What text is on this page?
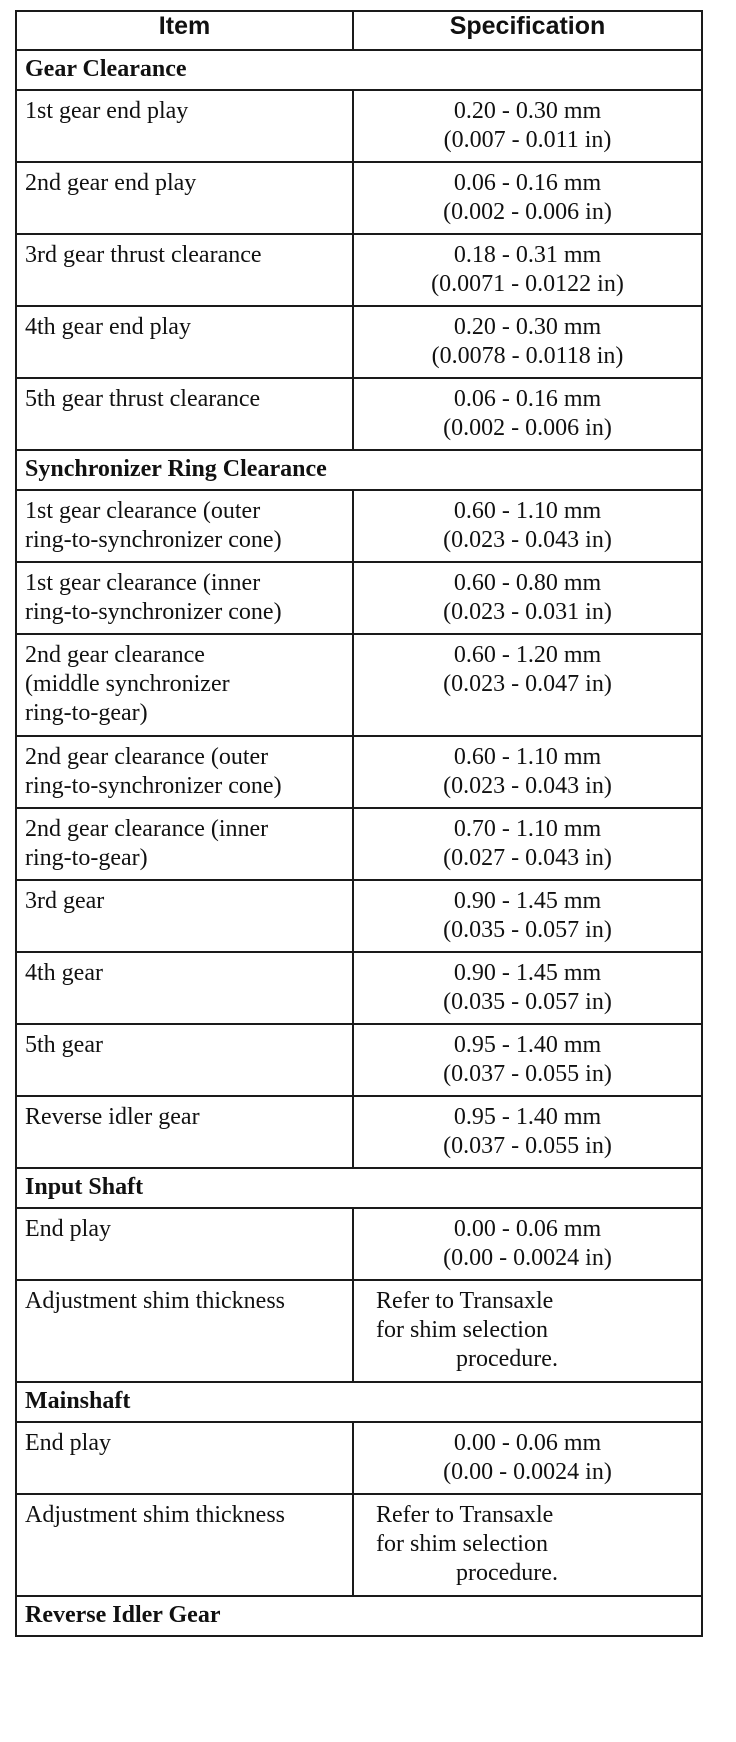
Item	Specification
Gear Clearance	

1st gear end play	0.20 - 0.30 mm
(0.007 - 0.011 in)

2nd gear end play	0.06 - 0.16 mm
(0.002 - 0.006 in)

3rd gear thrust clearance	0.18 - 0.31 mm
(0.0071 - 0.0122 in)

4th gear end play	0.20 - 0.30 mm
(0.0078 - 0.0118 in)

5th gear thrust clearance	0.06 - 0.16 mm
(0.002 - 0.006 in)

Synchronizer Ring Clearance	

1st gear clearance (outer
ring-to-synchronizer cone)	0.60 - 1.10 mm
(0.023 - 0.043 in)

1st gear clearance (inner
ring-to-synchronizer cone)	0.60 - 0.80 mm
(0.023 - 0.031 in)

2nd gear clearance
(middle synchronizer
ring-to-gear)	0.60 - 1.20 mm
(0.023 - 0.047 in)

2nd gear clearance (outer
ring-to-synchronizer cone)	0.60 - 1.10 mm
(0.023 - 0.043 in)

2nd gear clearance (inner
ring-to-gear)	0.70 - 1.10 mm
(0.027 - 0.043 in)

3rd gear	0.90 - 1.45 mm
(0.035 - 0.057 in)

4th gear	0.90 - 1.45 mm
(0.035 - 0.057 in)

5th gear	0.95 - 1.40 mm
(0.037 - 0.055 in)

Reverse idler gear	0.95 - 1.40 mm
(0.037 - 0.055 in)

Input Shaft	

End play	0.00 - 0.06 mm
(0.00 - 0.0024 in)

Adjustment shim thickness	Refer to Transaxle
for shim selection
procedure.

Mainshaft	

End play	0.00 - 0.06 mm
(0.00 - 0.0024 in)

Adjustment shim thickness	Refer to Transaxle
for shim selection
procedure.

Reverse Idler Gear	
